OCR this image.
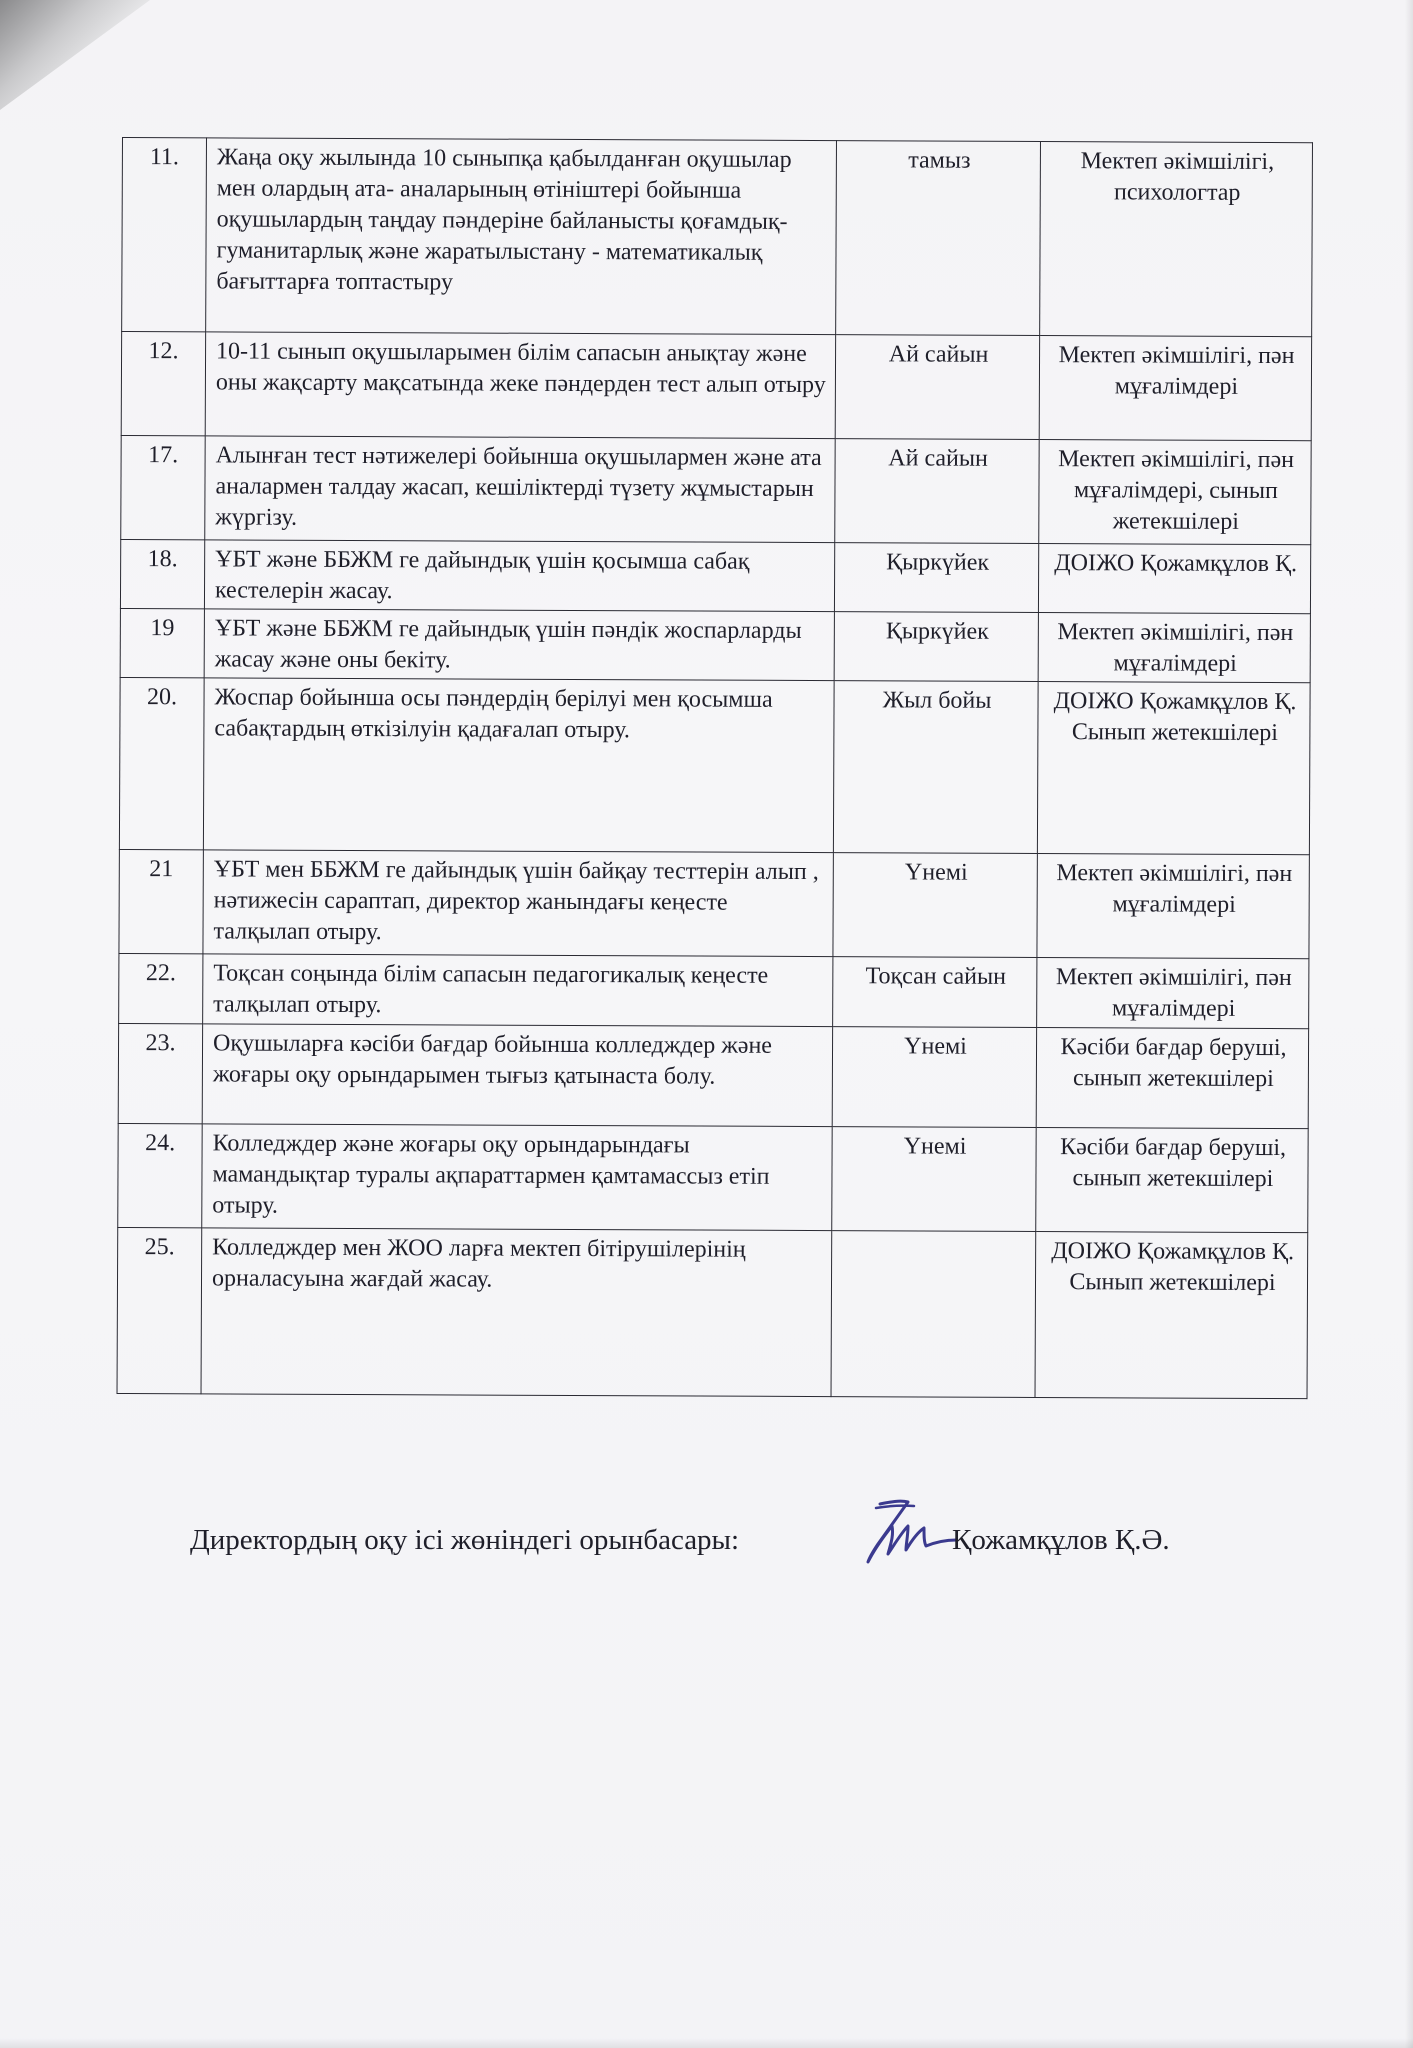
11.	Жаңа оқу жылында 10 сыныпқа қабылданған оқушылар мен олардың ата- аналарының өтініштері бойынша оқушылардың таңдау пәндеріне байланысты қоғамдық- гуманитарлық және жаратылыстану - математикалық бағыттарға топтастыру	тамыз	Мектеп әкімшілігі, психологтар
12.	10-11 сынып оқушыларымен білім сапасын анықтау және оны жақсарту мақсатында жеке пәндерден тест алып отыру	Ай сайын	Мектеп әкімшілігі, пән мұғалімдері
17.	Алынған тест нәтижелері бойынша оқушылармен және ата аналармен талдау жасап, кешіліктерді түзету жұмыстарын жүргізу.	Ай сайын	Мектеп әкімшілігі, пән мұғалімдері, сынып жетекшілері
18.	ҰБТ және ББЖМ ге дайындық үшін қосымша сабақ кестелерін жасау.	Қыркүйек	ДОІЖО Қожамқұлов Қ.
19	ҰБТ және ББЖМ ге дайындық үшін пәндік жоспарларды жасау және оны бекіту.	Қыркүйек	Мектеп әкімшілігі, пән мұғалімдері
20.	Жоспар бойынша осы пәндердің берілуі мен қосымша сабақтардың өткізілуін қадағалап отыру.	Жыл бойы	ДОІЖО Қожамқұлов Қ. Сынып жетекшілері
21	ҰБТ мен ББЖМ ге дайындық үшін байқау тесттерін алып , нәтижесін сараптап, директор жанындағы кеңесте талқылап отыру.	Үнемі	Мектеп әкімшілігі, пән мұғалімдері
22.	Тоқсан соңында білім сапасын педагогикалық кеңесте талқылап отыру.	Тоқсан сайын	Мектеп әкімшілігі, пән мұғалімдері
23.	Оқушыларға кәсіби бағдар бойынша колледждер және жоғары оқу орындарымен тығыз қатынаста болу.	Үнемі	Кәсіби бағдар беруші, сынып жетекшілері
24.	Колледждер және жоғары оқу орындарындағы мамандықтар туралы ақпараттармен қамтамассыз етіп отыру.	Үнемі	Кәсіби бағдар беруші, сынып жетекшілері
25.	Колледждер мен ЖОО ларға мектеп бітірушілерінің орналасуына жағдай жасау.		ДОІЖО Қожамқұлов Қ. Сынып жетекшілері
Директордың оқу ісі жөніндегі орынбасары:	Қожамқұлов Қ.Ә.
